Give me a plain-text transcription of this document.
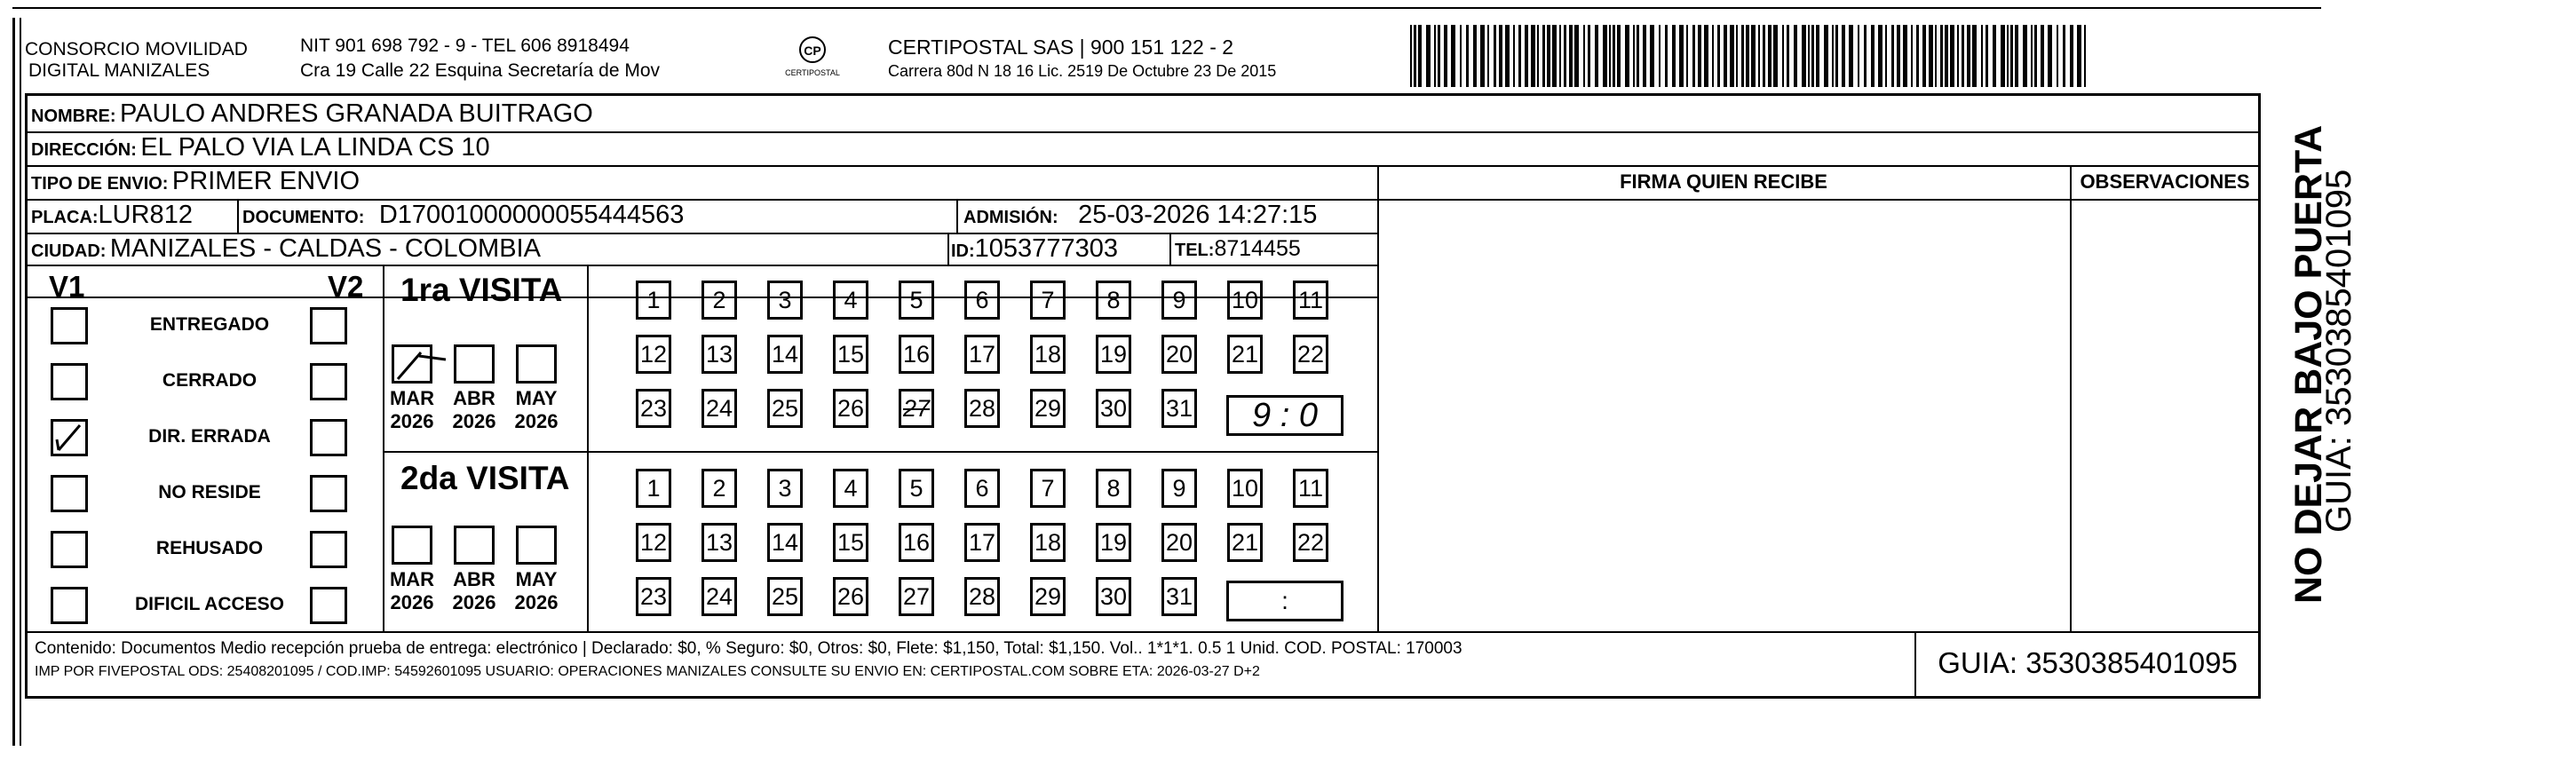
CONSORCIO MOVILIDAD
DIGITAL MANIZALES
NIT 901 698 792 - 9 - TEL 606 8918494
Cra 19 Calle 22 Esquina Secretaría de Mov
CP
CERTIPOSTAL
CERTIPOSTAL SAS | 900 151 122 - 2
Carrera 80d N 18 16 Lic. 2519 De Octubre 23 De 2015
NOMBRE: PAULO ANDRES GRANADA BUITRAGO
DIRECCIÓN: EL PALO VIA LA LINDA CS 10
TIPO DE ENVIO: PRIMER ENVIO	FIRMA QUIEN RECIBE	OBSERVACIONES
PLACA:LUR812	DOCUMENTO: D17001000000055444563	ADMISIÓN: 25-03-2026 14:27:15
CIUDAD: MANIZALES - CALDAS - COLOMBIA	ID:1053777303	TEL:8714455
V1	V2
ENTREGADO
CERRADO
DIR. ERRADA
NO RESIDE
REHUSADO
DIFICIL ACCESO
1ra VISITA
2da VISITA
MAR
2026
ABR
2026
MAY
2026
MAR
2026
ABR
2026
MAY
2026
1	2	3	4	5	6	7	8	9	10 11
12 13 14 15 16 17 18 19 20 21 22
23 24 25 26 27 28 29 30 31
1	2	3	4	5	6	7	8	9	10 11
12 13 14 15 16 17 18 19 20 21 22
23 24 25 26 27 28 29 30 31
9 : 0
:
Contenido: Documentos Medio recepción prueba de entrega: electrónico | Declarado: $0, % Seguro: $0, Otros: $0, Flete: $1,150, Total: $1,150. Vol.. 1*1*1. 0.5 1 Unid. COD. POSTAL: 170003
IMP POR FIVEPOSTAL ODS: 25408201095 / COD.IMP: 54592601095 USUARIO: OPERACIONES MANIZALES CONSULTE SU ENVIO EN: CERTIPOSTAL.COM SOBRE ETA: 2026-03-27 D+2	GUIA: 3530385401095
NO DEJAR BAJO PUERTA
GUIA: 3530385401095
